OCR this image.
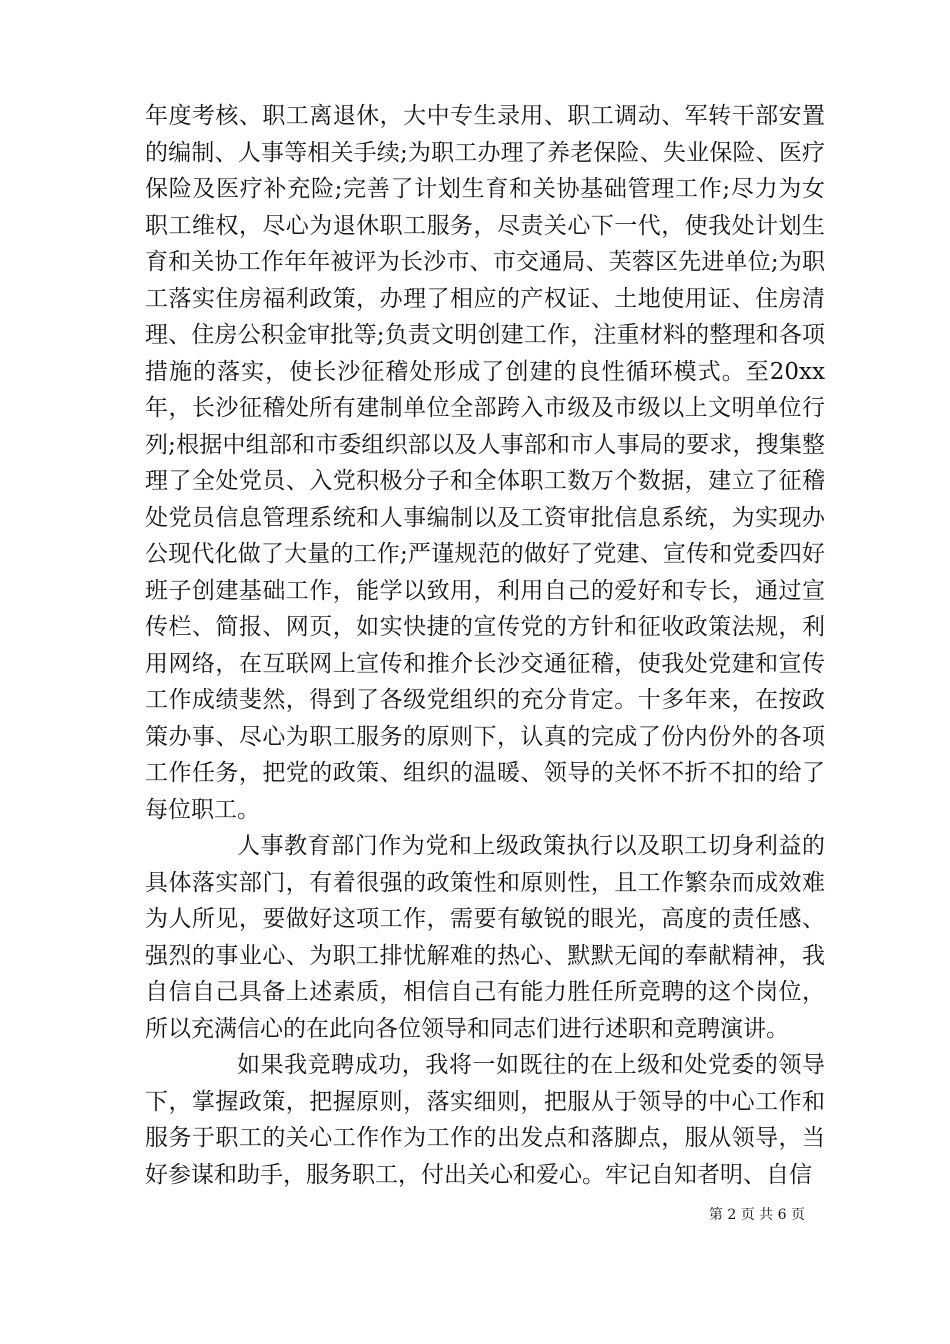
年度考核、职工离退休，大中专生录用、职工调动、军转干部安置的编制、人事等相关手续;为职工办理了养老保险、失业保险、医疗保险及医疗补充险;完善了计划生育和关协基础管理工作;尽力为女职工维权，尽心为退休职工服务，尽责关心下一代，使我处计划生育和关协工作年年被评为长沙市、市交通局、芙蓉区先进单位;为职工落实住房福利政策，办理了相应的产权证、土地使用证、住房清理、住房公积金审批等;负责文明创建工作，注重材料的整理和各项措施的落实，使长沙征稽处形成了创建的良性循环模式。至20xx年，长沙征稽处所有建制单位全部跨入市级及市级以上文明单位行列;根据中组部和市委组织部以及人事部和市人事局的要求，搜集整理了全处党员、入党积极分子和全体职工数万个数据，建立了征稽处党员信息管理系统和人事编制以及工资审批信息系统，为实现办公现代化做了大量的工作;严谨规范的做好了党建、宣传和党委四好班子创建基础工作，能学以致用，利用自己的爱好和专长，通过宣传栏、简报、网页，如实快捷的宣传党的方针和征收政策法规，利用网络，在互联网上宣传和推介长沙交通征稽，使我处党建和宣传工作成绩斐然，得到了各级党组织的充分肯定。十多年来，在按政策办事、尽心为职工服务的原则下，认真的完成了份内份外的各项工作任务，把党的政策、组织的温暖、领导的关怀不折不扣的给了每位职工。

人事教育部门作为党和上级政策执行以及职工切身利益的具体落实部门，有着很强的政策性和原则性，且工作繁杂而成效难为人所见，要做好这项工作，需要有敏锐的眼光，高度的责任感、强烈的事业心、为职工排忧解难的热心、默默无闻的奉献精神，我自信自己具备上述素质，相信自己有能力胜任所竞聘的这个岗位，所以充满信心的在此向各位领导和同志们进行述职和竞聘演讲。

如果我竞聘成功，我将一如既往的在上级和处党委的领导下，掌握政策，把握原则，落实细则，把服从于领导的中心工作和服务于职工的关心工作作为工作的出发点和落脚点，服从领导，当好参谋和助手，服务职工，付出关心和爱心。牢记自知者明、自信

第 2 页 共 6 页
